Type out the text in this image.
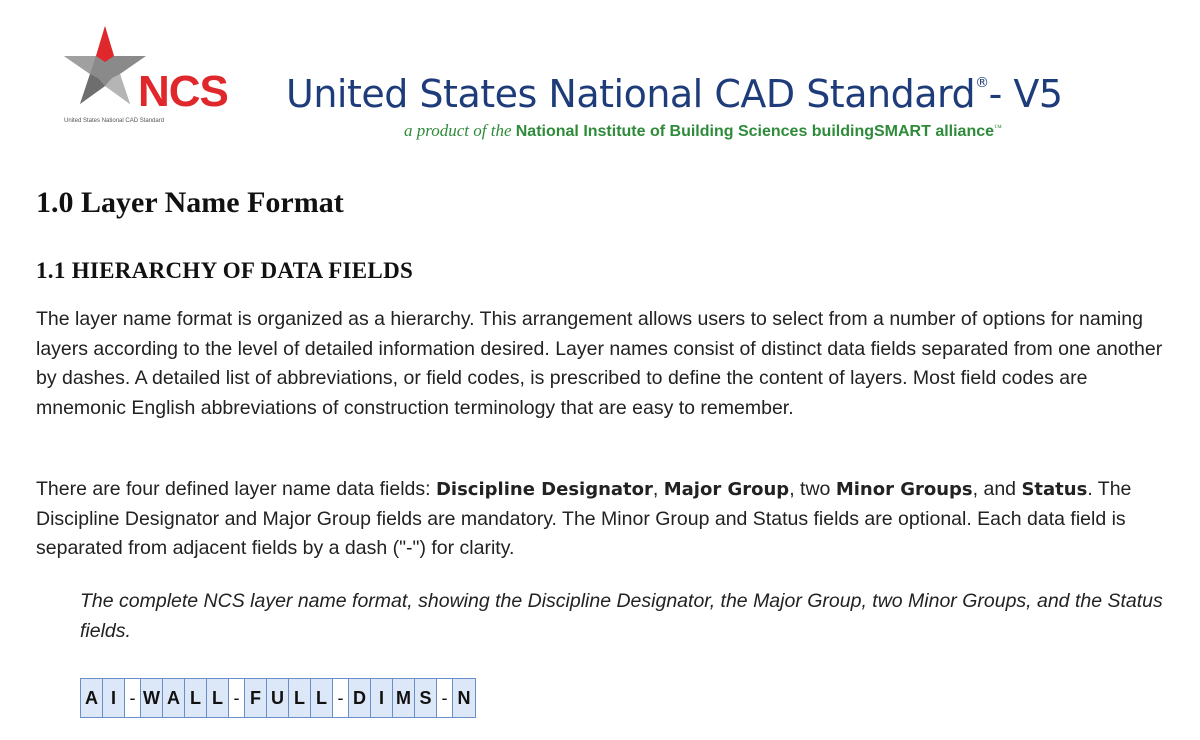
NCS
United States National CAD Standard
United States National CAD Standard®- V5
a product of the National Institute of Building Sciences buildingSMART alliance™
1.0 Layer Name Format
1.1 HIERARCHY OF DATA FIELDS

The layer name format is organized as a hierarchy. This arrangement allows users to select from a number of options for naming layers according to the level of detailed information desired. Layer names consist of distinct data fields separated from one another by dashes. A detailed list of abbreviations, or field codes, is prescribed to define the content of layers. Most field codes are mnemonic English abbreviations of construction terminology that are easy to remember.

There are four defined layer name data fields: Discipline Designator, Major Group, two Minor Groups, and Status. The Discipline Designator and Major Group fields are mandatory. The Minor Group and Status fields are optional. Each data field is separated from adjacent fields by a dash ("-") for clarity.

The complete NCS layer name format, showing the Discipline Designator, the Major Group, two Minor Groups, and the Status fields.

A I - W A L L - F U L L - D I M S - N
